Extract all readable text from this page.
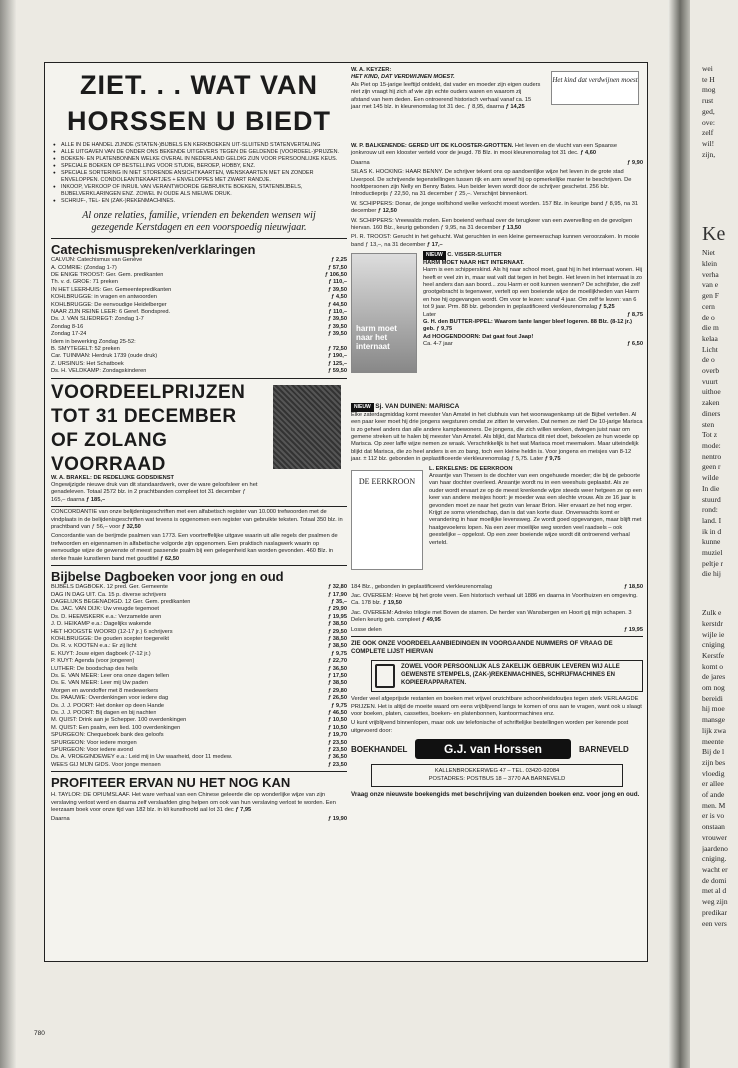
ZIET. . . WAT VAN HORSSEN U BIEDT
● ALLE IN DE HANDEL ZIJNDE (STATEN-)BIJBELS EN KERKBOEKEN UIT-SLUITEND STATENVERTALING
● ALLE UITGAVEN VAN DE ONDER ONS BEKENDE UITGEVERS TEGEN DE GELDENDE (VOORDEEL-)PRIJZEN.
● BOEKEN- EN PLATENBONNEN WELKE OVERAL IN NEDERLAND GELDIG ZIJN VOOR PERSOONLIJKE KEUS.
● SPECIALE BOEKEN OP BESTELLING VOOR STUDIE, BEROEP, HOBBY, ENZ.
● SPECIALE SORTERING IN NIET STORENDE ANSICHTKAARTEN, WENSKAARTEN MET EN ZONDER ENVELOPPEN. CONDOLEANTIEKAARTJES + ENVELOPPES MET ZWART RANDJE.
● INKOOP, VERKOOP OF INRUIL VAN VERANTWOORDE GEBRUIKTE BOEKEN, STATENBIJBELS, BIJBELVERKLARINGEN ENZ. ZOWEL IN OUDE ALS NIEUWE DRUK.
● SCHRIJF-, TEL- EN (ZAK-)REKENMACHINES.
Al onze relaties, familie, vrienden en bekenden wensen wij gezegende Kerstdagen en een voorspoedig nieuwjaar.
Catechismuspreken/verklaringen
CALVIJN: Catechismus van Genève	ƒ 2,25
A. COMRIE: (Zondag 1-7)	ƒ 57,50
DE ENIGE TROOST: Ger. Gem. predikanten	ƒ 106,50
Th. v. d. GROE: 71 preken	ƒ 110,–
IN HET LEERHUIS: Ger. Gemeentepredikanten	ƒ 39,50
KOHLBRUGGE: in vragen en antwoorden	ƒ 4,50
KOHLBRUGGE: De eenvoudige Heidelberger	ƒ 44,50
NAAR ZIJN REINE LEER: 6 Geref. Bondspred.	ƒ 110,–
Ds. J. VAN SLIEDREGT: Zondag 1-7	ƒ 39,50
Zondag 8-16	ƒ 39,50
Zondag 17-24	ƒ 39,50
Idem in bewerking Zondag 25-52:
B. SMYTEGELT: 52 preken	ƒ 72,50
Car. TUINMAN: Herdruk 1739 (oude druk)	ƒ 190,–
Z. URSINUS: Het Schatboek	ƒ 125,–
Ds. H. VELDKAMP: Zondagskinderen	ƒ 59,50
VOORDEELPRIJZEN TOT 31 DECEMBER OF ZOLANG VOORRAAD
W. A. BRAKEL: DE REDELIJKE GODSDIENST
Ongewijzigde nieuwe druk van dit standaardwerk, over de ware geloofsleer en het genadeleven. Totaal 2572 blz. in 2 prachtbanden compleet tot 31 december ƒ 165,– daarna ƒ 185,–
CONCORDANTIE van onze belijdenisgeschriften met een alfabetisch register van 10.000 trefwoorden met de vindplaats in de belijdenisgeschriften wat tevens is opgenomen een register van gebruikte teksten. Totaal 350 blz. in prachtband van ƒ 56,– voor ƒ 32,50
Concordantie van de berijmde psalmen van 1773. Een voortreffelijke uitgave waarin uit alle regels der psalmen de trefwoorden en eigennamen in alfabetische volgorde zijn opgenomen. Een praktisch naslagwerk waarin op eenvoudige wijze de gewenste of meest passende psalm bij een gelegenheid kan worden gevonden. 460 Blz. in sterke fraaie kunstleren band met goudtitel ƒ 62,50
Bijbelse Dagboeken voor jong en oud
BIJBELS DAGBOEK. 12 pred. Ger. Gemeente	ƒ 32,80
DAG IN DAG UIT. Ca. 15 p. diverse schrijvers	ƒ 17,90
DAGELIJKS BEGENADIGD. 12 Ger. Gem. predikanten	ƒ 35,–
Ds. JAC. VAN DIJK: Uw vreugde tegemoet	ƒ 29,90
Ds. D. HEEMSKERK e.a.: Verzamelde aren	ƒ 19,95
J. D. HEIKAMP e.a.: Dagelijks wakende	ƒ 38,50
HET HOOGSTE WOORD (12-17 jr.) 6 schrijvers	ƒ 29,50
KOHLBRUGGE: De gouden scepter toegereikt	ƒ 38,50
Ds. R. v. KOOTEN e.a.: Er zij licht	ƒ 38,50
E. KUYT: Jouw eigen dagboek (7-12 jr.)	ƒ 9,75
P. KUYT: Agenda (voor jongeren)	ƒ 22,70
LUTHER: De boodschap des heils	ƒ 36,50
Ds. E. VAN MEER: Leer ons onze dagen tellen	ƒ 17,50
Ds. E. VAN MEER: Leer mij Uw paden	ƒ 38,50
Morgen en avondoffer met 8 medewerkers	ƒ 29,80
Ds. PAAUWE: Overdenkingen voor iedere dag	ƒ 26,50
Ds. J. J. POORT: Het donker op deen Hande	ƒ 9,75
Ds. J. J. POORT: Bij dagen en bij nachten	ƒ 46,50
M. QUIST: Drink aan je Schepper. 100 overdenkingen	ƒ 10,50
M. QUIST: Een psalm, een lied. 100 overdenkingen	ƒ 10,50
SPURGEON: Chequeboek bank des geloofs	ƒ 19,70
SPURGEON: Voor iedere morgen	ƒ 23,50
SPURGEON: Voor iedere avond	ƒ 23,50
Ds. A. VROEGINDEWEY e.a.: Leid mij in Uw waarheid, door 11 medew.	ƒ 36,50
WEES GIJ MIJN GIDS. Voor jonge mensen	ƒ 23,50
PROFITEER ERVAN NU HET NOG KAN
H. TAYLOR: DE OPIUMSLAAF. Het ware verhaal van een Chinese geleerde die op wonderlijke wijze van zijn verslaving verlost werd en daarna zelf verslaafden ging helpen om ook van hun verslaving verlost te worden. Een leerzaam boek voor onze tijd van 182 blz. in kli kunsthoofd aal lot 31 dec ƒ 7,95
Daarna	ƒ 19,90
W. A. KEYZER:
HET KIND, DAT VERDWIJNEN MOEST.
Als Piet op 15-jarige leeftijd ontdekt, dat vader en moeder zijn eigen ouders niet zijn vraagt hij zich af wie zijn echte ouders waren en waarom zij afstand van hem deden. Een ontroerend historisch verhaal vanaf ca. 15 jaar met 145 blz. in kleurenomslag tot 31 dec. ƒ 8,95, daarna ƒ 14,25
Het kind dat verdwijnen moest
W. P. BALKENENDE: GERED UIT DE KLOOSTER-GROTTEN. Het leven en de vlucht van een Spaanse jonkvrouw uit een klooster verteld voor de jeugd. 78 Blz. in mooi kleurenomslag tot 31 dec. ƒ 4,60
Daarna	ƒ 9,90
SILAS K. HOCKING: HAAR BENNY. De schrijver tekent ons op aandoenlijke wijze het leven in de grote stad Liverpool. De schrijvende tegenstellingen tussen rijk en arm wreef hij op opmerkelijke manier te beschrijven. De hoofdpersonen zijn Nelly en Benny Bates. Hun beider leven wordt door de schrijver geschetst. 256 blz. Introductieprijs ƒ 22,50, na 31 december ƒ 25,–. Verschijnt binnenkort.
W. SCHIPPERS: Donar, de jonge wolfshond welke verkocht moest worden. 157 Blz. in keurige band ƒ 8,95, na 31 december ƒ 12,50
W. SCHIPPERS: Vreewalds molen. Een boeiend verhaal over de terugkeer van een zwervelling en de gevolgen hiervan. 160 Blz., keurig gebonden ƒ 9,95, na 31 december ƒ 13,50
PI. R. TROOST: Gerucht in het gehucht. Wat geruchten in een kleine gemeenschap kunnen veroorzaken. In mooie band ƒ 13,–, na 31 december ƒ 17,–
harm moet naar het internaat
NIEUW C. VISSER-SLUITER
HARM MOET NAAR HET INTERNAAT.
Harm is een schipperskind. Als hij naar school moet, gaat hij in het internaat wonen. Hij heeft er veel zin in, maar wat valt dat tegen in het begin. Het leven in het internaat is zo heel anders dan aan boord... zou Harm er ooit kunnen wennen? De schrijfster, die zelf grootgebracht is tegenweer, vertelt op een boeiende wijze de moeilijkheden van Harm en hoe hij opgevangen wordt. Om voor te lezen: vanaf 4 jaar. Om zelf te lezen: van 6 tot 9 jaar. Prm. 88 blz. gebonden in geplastificeerd vierkleurenomslag ƒ 5,25
Later	ƒ 8,75
G. H. den BUTTER-IPPEL: Waarom tante langer bleef logeren. 88 Blz. (8-12 jr.) geb. ƒ 9,75
Ad HOOGENDOORN: Dat gaat fout Jaap!
Ca. 4-7 jaar	ƒ 6,50
NIEUW Sj. VAN DUINEN: MARISCA
Elke zaterdagmiddag komt meester Van Amstel in het clubhuis van het woonwagenkamp uit de Bijbel vertellen. Al een paar keer moet hij drie jongens wegsturen omdat ze zitten te vervelen. Dat nemen ze niet! De 10-jarige Marisca is zo geheel anders dan alle andere kampbewoners. De jongens, die zich willen wreken, dwingen juist naar om gemene streken uit te halen bij meester Van Amstel. Als blijkt, dat Marisca dit niet doet, bekoelen ze hun woede op Marisca. Op zeer laffe wijze nemen ze wraak. Verschrikkelijk is het wat Marisca moet meemaken. Maar uiteindelijk blijkt dat Marisca, die zo heel anders is en zo bang, toch een kleine heldin is. Voor jongens en meisjes van 8-12 jaar. ± 112 blz. gebonden in geplastificeerde vierkleurenomslag ƒ 5,75. Later ƒ 9,75
DE EERKROON
L. ERKELENS: DE EERKROON
Ansantje van Thesen is de dochter van een ongehuwde moeder; die bij de geboorte van haar dochter overleed. Ansantje wordt nu in een weeshuis geplaatst. Als ze ouder wordt ervaart ze op de meest krenkende wijze steeds weer hetgeen ze op een keer van andere meisjes hoort: je moeder was een slechte vrouw. Als ze 16 jaar is gevonden moet ze naar het gezin van leraar Brion. Hier ervaart ze het nog erger. Krijgt ze soms vriendschap, dan is dat van korte duur. Onverwachts komt er verandering in haar moeilijke levensweg. Ze wordt goed opgevangen, maar blijft met haatgevoelens lopen. Na een zeer moeilijke weg worden veel raadsels – ook geestelijke – opgelost. Op een zeer boeiende wijze wordt dit ontroerend verhaal verteld.
184 Blz., gebonden in geplastificeerd vierkleurenomslag	ƒ 18,50
Jac. OVEREEM: Hoeve bij het grote veen. Een historisch verhaal uit 1886 en daarna in Voorthuizen en omgeving. Ca. 178 blz. ƒ 19,50
Jac. OVEREEM: Adreko trilogie met Boven de starren. De herder van Wansbergen en Hoort gij mijn schapen. 3 Delen keurig geb. compleet ƒ 49,95
Losse delen	ƒ 19,95
ZIE OOK ONZE VOORDEELAANBIEDINGEN IN VOORGAANDE NUMMERS OF VRAAG DE COMPLETE LIJST HIERVAN
ZOWEL VOOR PERSOONLIJK ALS ZAKELIJK GEBRUIK LEVEREN WIJ ALLE GEWENSTE STEMPELS, (ZAK-)REKENMACHINES, SCHRIJFMACHINES EN KOPIEERAPPARATEN.
Verder veel afgeprijsde restanten en boeken met vrijwel onzichtbare schoonheidsfoutjes tegen sterk VERLAAGDE PRIJZEN. Het is altijd de moeite waard om eens vrijblijvend langs te komen of ons aan te vragen, want ook u slaagt voor boeken, platen, cassettes, boeken- en platenbonnen, kantoormachines enz.
U kunt vrijblijvend binnenlopen, maar ook uw telefonische of schriftelijke bestellingen worden per kerende post uitgevoerd door:
BOEKHANDEL	G.J. van Horssen	BARNEVELD
KALLENBROEKERWEG 47 – TEL. 03420-92084
POSTADRES: POSTBUS 18 – 3770 AA BARNEVELD
Vraag onze nieuwste boekengids met beschrijving van duizenden boeken enz. voor jong en oud.
780
wei
te H
mog
rust
ged,
ove:
zelf
wil!
zijn,
Ke
Niet
klein
verha
van e
gen F
cern
de o
die m
kelaa
Licht
de o
overb
vuurt
uithoe
zaken
diners
sten
Tot z
mode:
nentro
geen r
wilde
In die
stuurd
rond:
land. I
ik in d
kunne
muziel
peltje r
die hij
Zulk e
kerstdr
wijle ie
cniging
Kerstfe
komt o
de jares
om nog
bereidi
hij moe
mansge
lijk zwa
meente
Bij de l
zijn bes
vloedig
er allee
of ande
men. M
er is vo
onstaan
vrouwer
jaardeno
cniging.
wacht er
de domi
met al d
weg zijn
predikar
een vers
